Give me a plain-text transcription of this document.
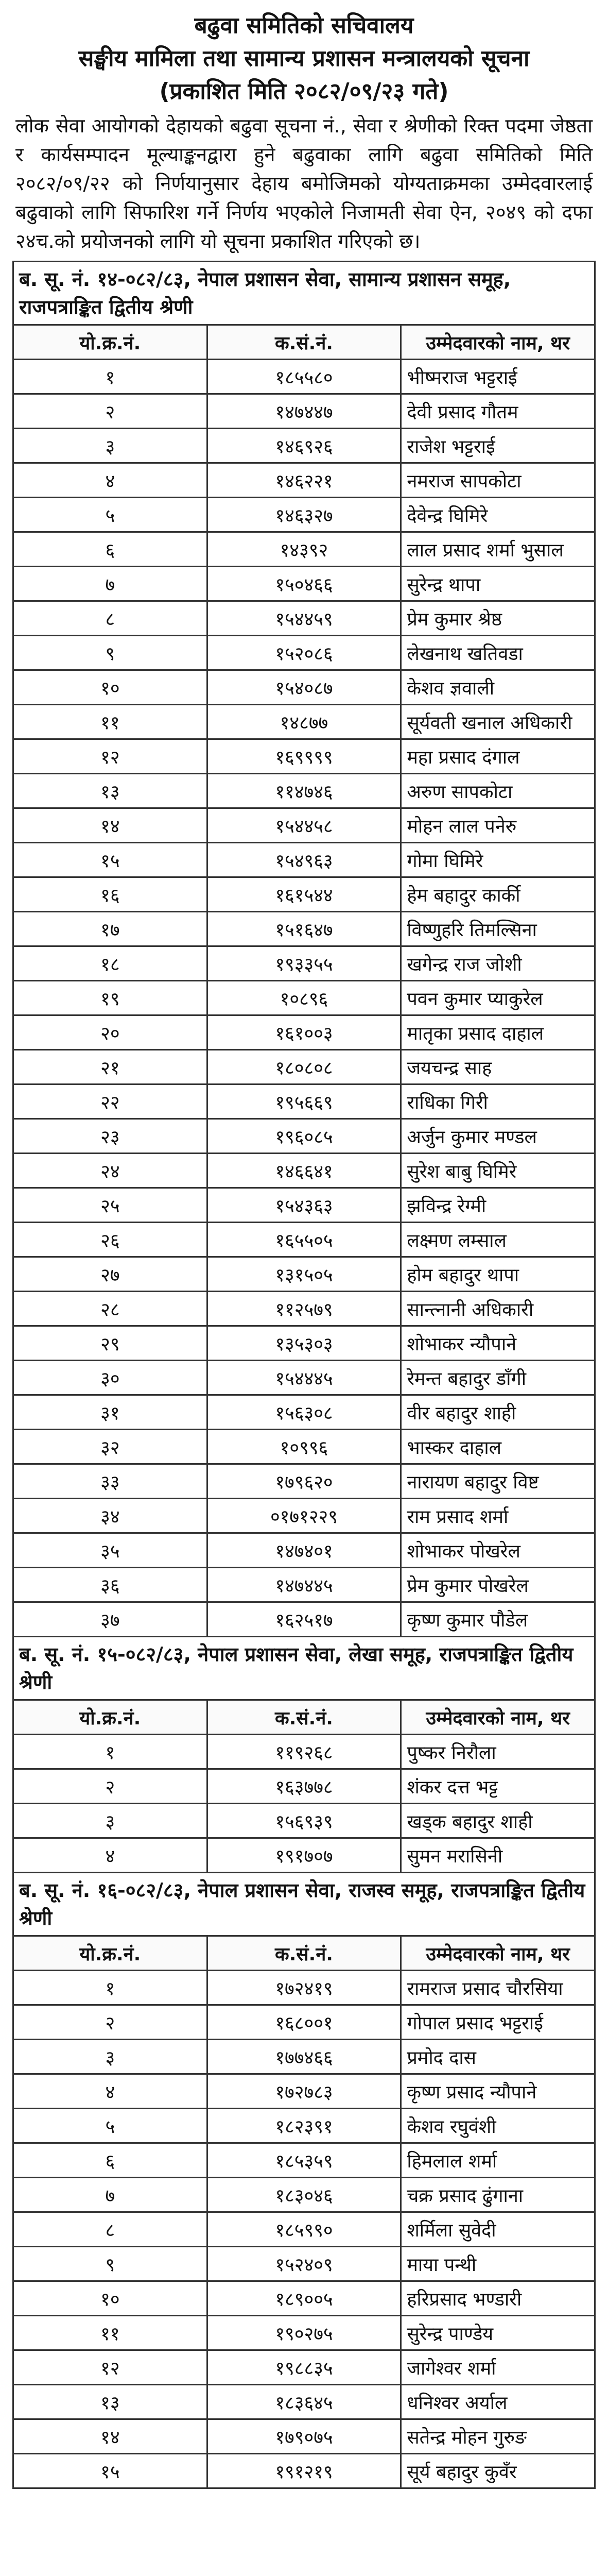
बढुवा समितिको सचिवालय
सङ्घीय मामिला तथा सामान्य प्रशासन मन्त्रालयको सूचना
(प्रकाशित मिति २०८२/०९/२३ गते)
लोक सेवा आयोगको देहायको बढुवा सूचना नं., सेवा र श्रेणीको रिक्त पदमा जेष्ठता र कार्यसम्पादन मूल्याङ्कनद्वारा हुने बढुवाका लागि बढुवा समितिको मिति २०८२/०९/२२ को निर्णयानुसार देहाय बमोजिमको योग्यताक्रमका उम्मेदवारलाई बढुवाको लागि सिफारिश गर्ने निर्णय भएकोले निजामती सेवा ऐन, २०४९ को दफा २४च.को प्रयोजनको लागि यो सूचना प्रकाशित गरिएको छ।
ब. सू. नं. १४-०८२/८३, नेपाल प्रशासन सेवा, सामान्य प्रशासन समूह, राजपत्राङ्कित द्वितीय श्रेणी		
यो.क्र.नं.	क.सं.नं.	उम्मेदवारको नाम, थर
१	१८५५८०	भीष्मराज भट्टराई
२	१४७४४७	देवी प्रसाद गौतम
३	१४६९२६	राजेश भट्टराई
४	१४६२२१	नमराज सापकोटा
५	१४६३२७	देवेन्द्र घिमिरे
६	१४३९२	लाल प्रसाद शर्मा भुसाल
७	१५०४६६	सुरेन्द्र थापा
८	१५४४५९	प्रेम कुमार श्रेष्ठ
९	१५२०८६	लेखनाथ खतिवडा
१०	१५४०८७	केशव ज्ञवाली
११	१४८७७	सूर्यवती खनाल अधिकारी
१२	१६९९९९	महा प्रसाद दंगाल
१३	११४७४६	अरुण सापकोटा
१४	१५४४५८	मोहन लाल पनेरु
१५	१५४९६३	गोमा घिमिरे
१६	१६१५४४	हेम बहादुर कार्की
१७	१५१६४७	विष्णुहरि तिमल्सिना
१८	१९३३५५	खगेन्द्र राज जोशी
१९	१०८९६	पवन कुमार प्याकुरेल
२०	१६१००३	मातृका प्रसाद दाहाल
२१	१८०८०८	जयचन्द्र साह
२२	१९५६६९	राधिका गिरी
२३	१९६०८५	अर्जुन कुमार मण्डल
२४	१४६६४१	सुरेश बाबु घिमिरे
२५	१५४३६३	झविन्द्र रेग्मी
२६	१६५५०५	लक्ष्मण लम्साल
२७	१३१५०५	होम बहादुर थापा
२८	११२५७९	सान्त्नानी अधिकारी
२९	१३५३०३	शोभाकर न्यौपाने
३०	१५४४४५	रेमन्त बहादुर डाँगी
३१	१५६३०८	वीर बहादुर शाही
३२	१०९९६	भास्कर दाहाल
३३	१७९६२०	नारायण बहादुर विष्ट
३४	०१७१२२९	राम प्रसाद शर्मा
३५	१४७४०१	शोभाकर पोखरेल
३६	१४७४४५	प्रेम कुमार पोखरेल
३७	१६२५१७	कृष्ण कुमार पौडेल
ब. सू. नं. १५-०८२/८३, नेपाल प्रशासन सेवा, लेखा समूह, राजपत्राङ्कित द्वितीय श्रेणी		
यो.क्र.नं.	क.सं.नं.	उम्मेदवारको नाम, थर
१	११९२६८	पुष्कर निरौला
२	१६३७७८	शंकर दत्त भट्ट
३	१५६९३९	खड्क बहादुर शाही
४	१९१७०७	सुमन मरासिनी
ब. सू. नं. १६-०८२/८३, नेपाल प्रशासन सेवा, राजस्व समूह, राजपत्राङ्कित द्वितीय श्रेणी		
यो.क्र.नं.	क.सं.नं.	उम्मेदवारको नाम, थर
१	१७२४१९	रामराज प्रसाद चौरसिया
२	१६८००१	गोपाल प्रसाद भट्टराई
३	१७७४६६	प्रमोद दास
४	१७२७८३	कृष्ण प्रसाद न्यौपाने
५	१८२३९१	केशव रघुवंशी
६	१८५३५९	हिमलाल शर्मा
७	१८३०४६	चक्र प्रसाद ढुंगाना
८	१८५९९०	शर्मिला सुवेदी
९	१५२४०९	माया पन्थी
१०	१८९००५	हरिप्रसाद भण्डारी
११	१९०२७५	सुरेन्द्र पाण्डेय
१२	१९८८३५	जागेश्वर शर्मा
१३	१८३६४५	धनिश्वर अर्याल
१४	१७९०७५	सतेन्द्र मोहन गुरुङ
१५	१९१२१९	सूर्य बहादुर कुवँर
